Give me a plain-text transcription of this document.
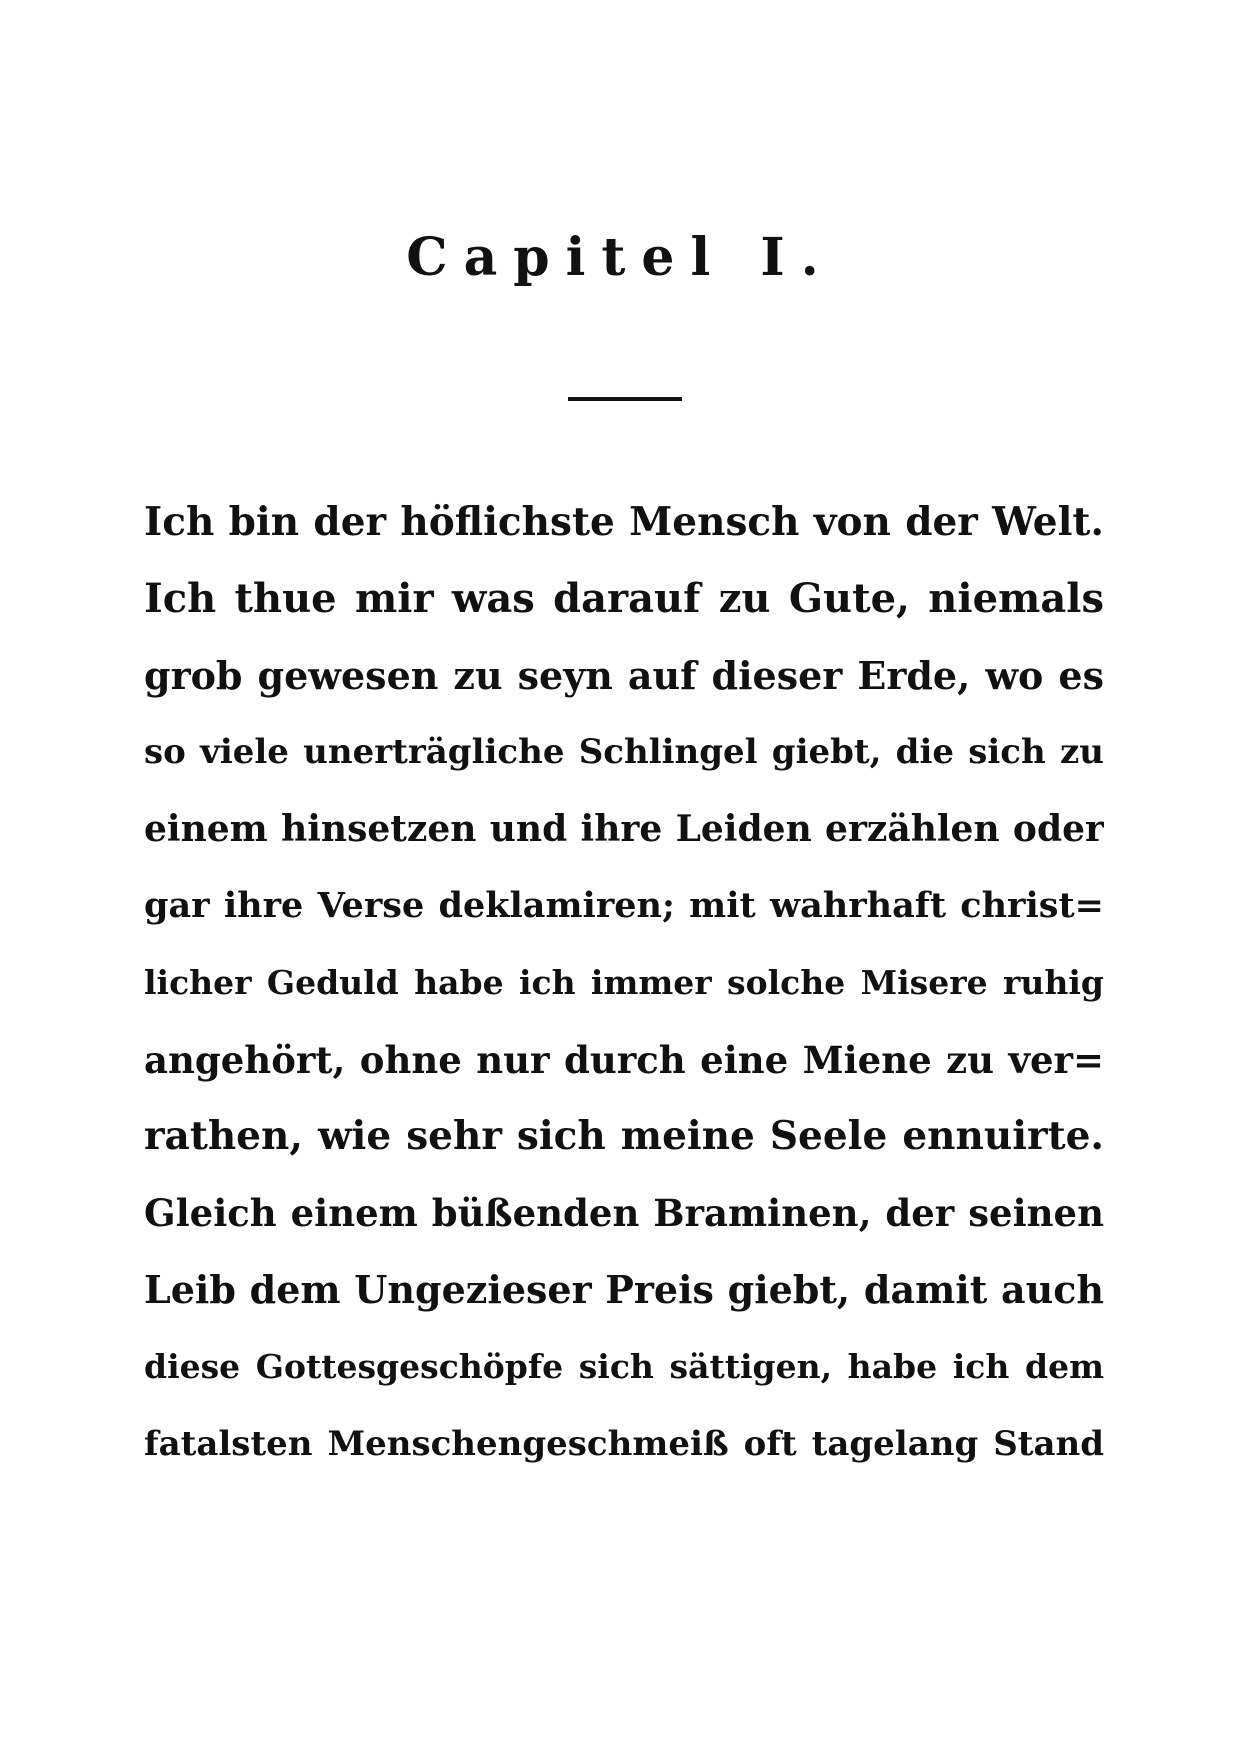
Capitel I.
Ich bin der höflichste Mensch von der Welt.
Ich thue mir was darauf zu Gute, niemals
grob gewesen zu seyn auf dieser Erde, wo es
so viele unerträgliche Schlingel giebt, die sich zu
einem hinsetzen und ihre Leiden erzählen oder
gar ihre Verse deklamiren; mit wahrhaft christ=
licher Geduld habe ich immer solche Misere ruhig
angehört, ohne nur durch eine Miene zu ver=
rathen, wie sehr sich meine Seele ennuirte.
Gleich einem büßenden Braminen, der seinen
Leib dem Ungezieser Preis giebt, damit auch
diese Gottesgeschöpfe sich sättigen, habe ich dem
fatalsten Menschengeschmeiß oft tagelang Stand
